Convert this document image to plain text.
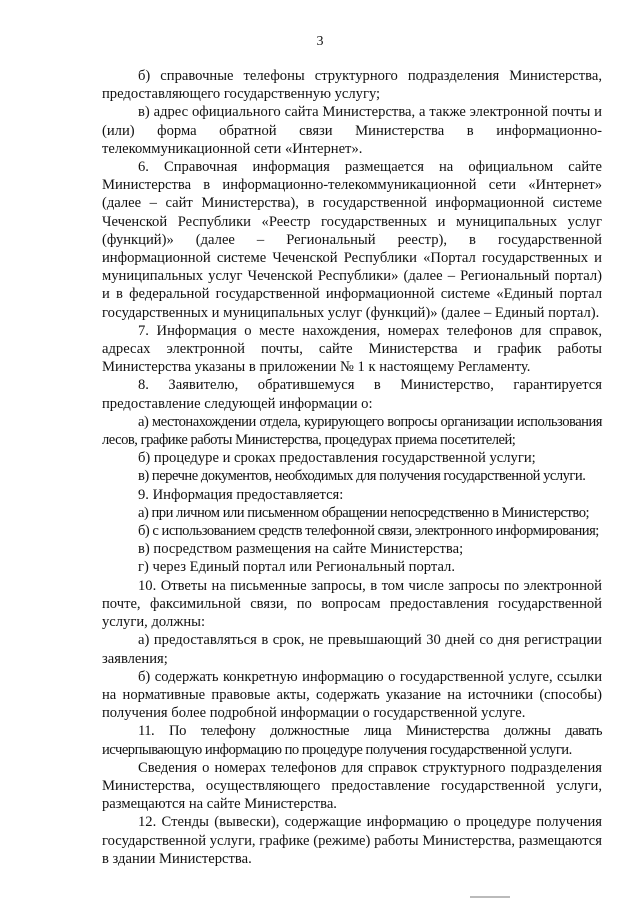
3

б) справочные телефоны структурного подразделения Министерства, предоставляющего государственную услугу;

в) адрес официального сайта Министерства, а также электронной почты и (или) форма обратной связи Министерства в информационно-телекоммуникационной сети «Интернет».

6. Справочная информация размещается на официальном сайте Министерства в информационно-телекоммуникационной сети «Интернет» (далее – сайт Министерства), в государственной информационной системе Чеченской Республики «Реестр государственных и муниципальных услуг (функций)» (далее – Региональный реестр), в государственной информационной системе Чеченской Республики «Портал государственных и муниципальных услуг Чеченской Республики» (далее – Региональный портал) и в федеральной государственной информационной системе «Единый портал государственных и муниципальных услуг (функций)» (далее – Единый портал).

7. Информация о месте нахождения, номерах телефонов для справок, адресах электронной почты, сайте Министерства и график работы Министерства указаны в приложении № 1 к настоящему Регламенту.

8. Заявителю, обратившемуся в Министерство, гарантируется предоставление следующей информации о:

а) местонахождении отдела, курирующего вопросы организации использования лесов, графике работы Министерства, процедурах приема посетителей;

б) процедуре и сроках предоставления государственной услуги;

в) перечне документов, необходимых для получения государственной услуги.

9. Информация предоставляется:

а) при личном или письменном обращении непосредственно в Министерство;

б) с использованием средств телефонной связи, электронного информирования;

в) посредством размещения на сайте Министерства;

г) через Единый портал или Региональный портал.

10. Ответы на письменные запросы, в том числе запросы по электронной почте, факсимильной связи, по вопросам предоставления государственной услуги, должны:

а) предоставляться в срок, не превышающий 30 дней со дня регистрации заявления;

б) содержать конкретную информацию о государственной услуге, ссылки на нормативные правовые акты, содержать указание на источники (способы) получения более подробной информации о государственной услуге.

11. По телефону должностные лица Министерства должны давать исчерпывающую информацию по процедуре получения государственной услуги.

Сведения о номерах телефонов для справок структурного подразделения Министерства, осуществляющего предоставление государственной услуги, размещаются на сайте Министерства.

12. Стенды (вывески), содержащие информацию о процедуре получения государственной услуги, графике (режиме) работы Министерства, размещаются в здании Министерства.
